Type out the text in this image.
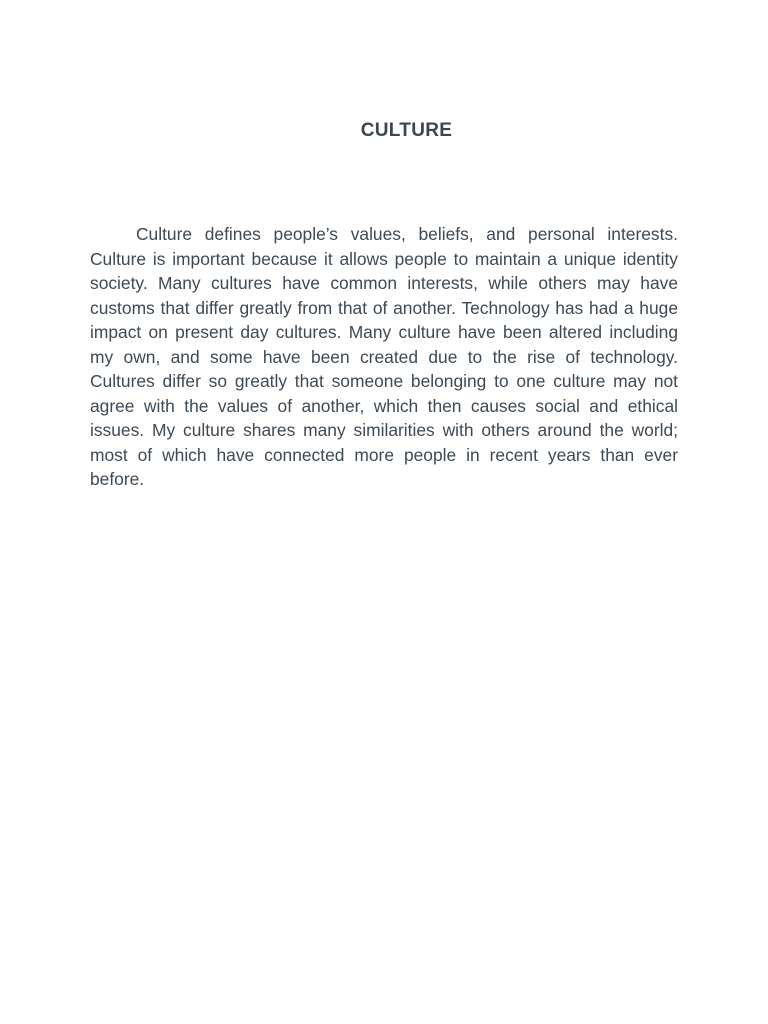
CULTURE

Culture defines people’s values, beliefs, and personal interests. Culture is important because it allows people to maintain a unique identity society. Many cultures have common interests, while others may have customs that differ greatly from that of another. Technology has had a huge impact on present day cultures. Many culture have been altered including my own, and some have been created due to the rise of technology. Cultures differ so greatly that someone belonging to one culture may not agree with the values of another, which then causes social and ethical issues. My culture shares many similarities with others around the world; most of which have connected more people in recent years than ever before.
